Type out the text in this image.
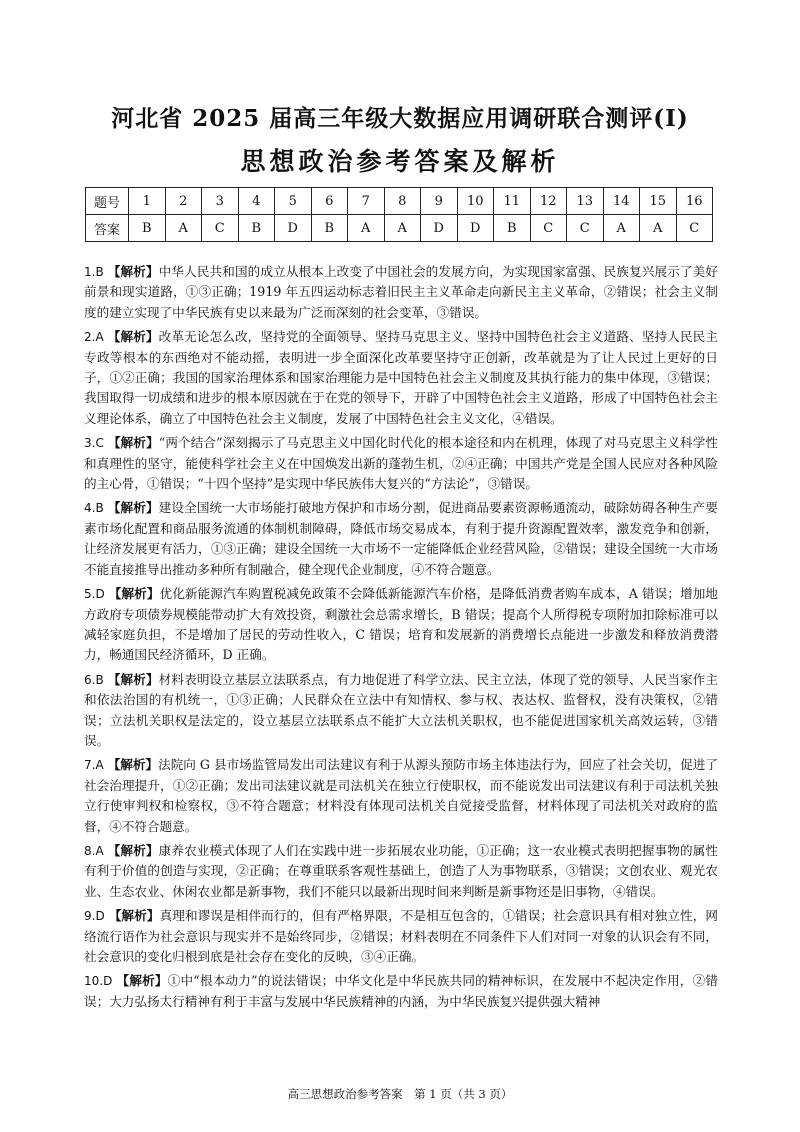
河北省 2025 届高三年级大数据应用调研联合测评(Ⅰ)
思想政治参考答案及解析
题号	1	2	3	4	5	6	7	8	9	10	11	12	13	14	15	16
答案	B	A	C	B	D	B	A	A	D	D	B	C	C	A	A	C
1.B 【解析】中华人民共和国的成立从根本上改变了中国社会的发展方向，为实现国家富强、民族复兴展示了美好前景和现实道路，①③正确；1919 年五四运动标志着旧民主主义革命走向新民主主义革命，②错误；社会主义制度的建立实现了中华民族有史以来最为广泛而深刻的社会变革，③错误。
2.A 【解析】改革无论怎么改，坚持党的全面领导、坚持马克思主义、坚持中国特色社会主义道路、坚持人民民主专政等根本的东西绝对不能动摇，表明进一步全面深化改革要坚持守正创新，改革就是为了让人民过上更好的日子，①②正确；我国的国家治理体系和国家治理能力是中国特色社会主义制度及其执行能力的集中体现，③错误；我国取得一切成绩和进步的根本原因就在于在党的领导下，开辟了中国特色社会主义道路，形成了中国特色社会主义理论体系，确立了中国特色社会主义制度，发展了中国特色社会主义文化，④错误。
3.C 【解析】“两个结合”深刻揭示了马克思主义中国化时代化的根本途径和内在机理，体现了对马克思主义科学性和真理性的坚守，能使科学社会主义在中国焕发出新的蓬勃生机，②④正确；中国共产党是全国人民应对各种风险的主心骨，①错误；“十四个坚持”是实现中华民族伟大复兴的“方法论”，③错误。
4.B 【解析】建设全国统一大市场能打破地方保护和市场分割，促进商品要素资源畅通流动，破除妨碍各种生产要素市场化配置和商品服务流通的体制机制障碍，降低市场交易成本，有利于提升资源配置效率，激发竞争和创新，让经济发展更有活力，①③正确；建设全国统一大市场不一定能降低企业经营风险，②错误；建设全国统一大市场不能直接推导出推动多种所有制融合，健全现代企业制度，④不符合题意。
5.D 【解析】优化新能源汽车购置税减免政策不会降低新能源汽车价格，是降低消费者购车成本，A 错误；增加地方政府专项债券规模能带动扩大有效投资，剩激社会总需求增长，B 错误；提高个人所得税专项附加扣除标准可以减轻家庭负担，不是增加了居民的劳动性收入，C 错误；培育和发展新的消费增长点能进一步激发和释放消费潜力，畅通国民经济循环，D 正确。
6.B 【解析】材料表明设立基层立法联系点，有力地促进了科学立法、民主立法，体现了党的领导、人民当家作主和依法治国的有机统一，①③正确；人民群众在立法中有知情权、参与权、表达权、监督权，没有决策权，②错误；立法机关职权是法定的，设立基层立法联系点不能扩大立法机关职权，也不能促进国家机关高效运转，③错误。
7.A 【解析】法院向 G 县市场监管局发出司法建议有利于从源头预防市场主体违法行为，回应了社会关切，促进了社会治理提升，①②正确；发出司法建议就是司法机关在独立行使职权，而不能说发出司法建议有利于司法机关独立行使审判权和检察权，③不符合题意；材料没有体现司法机关自觉接受监督，材料体现了司法机关对政府的监督，④不符合题意。
8.A 【解析】康养农业模式体现了人们在实践中进一步拓展农业功能，①正确；这一农业模式表明把握事物的属性有利于价值的创造与实现，②正确；在尊重联系客观性基础上，创造了人为事物联系，③错误；文创农业、观光农业、生态农业、休闲农业都是新事物，我们不能只以最新出现时间来判断是新事物还是旧事物，④错误。
9.D 【解析】真理和谬误是相伴而行的，但有严格界限，不是相互包含的，①错误；社会意识具有相对独立性，网络流行语作为社会意识与现实并不是始终同步，②错误；材料表明在不同条件下人们对同一对象的认识会有不同，社会意识的变化归根到底是社会存在变化的反映，③④正确。
10.D 【解析】①中“根本动力”的说法错误；中华文化是中华民族共同的精神标识，在发展中不起决定作用，②错误；大力弘扬太行精神有利于丰富与发展中华民族精神的内涵，为中华民族复兴提供强大精神
高三思想政治参考答案　第 1 页（共 3 页）
